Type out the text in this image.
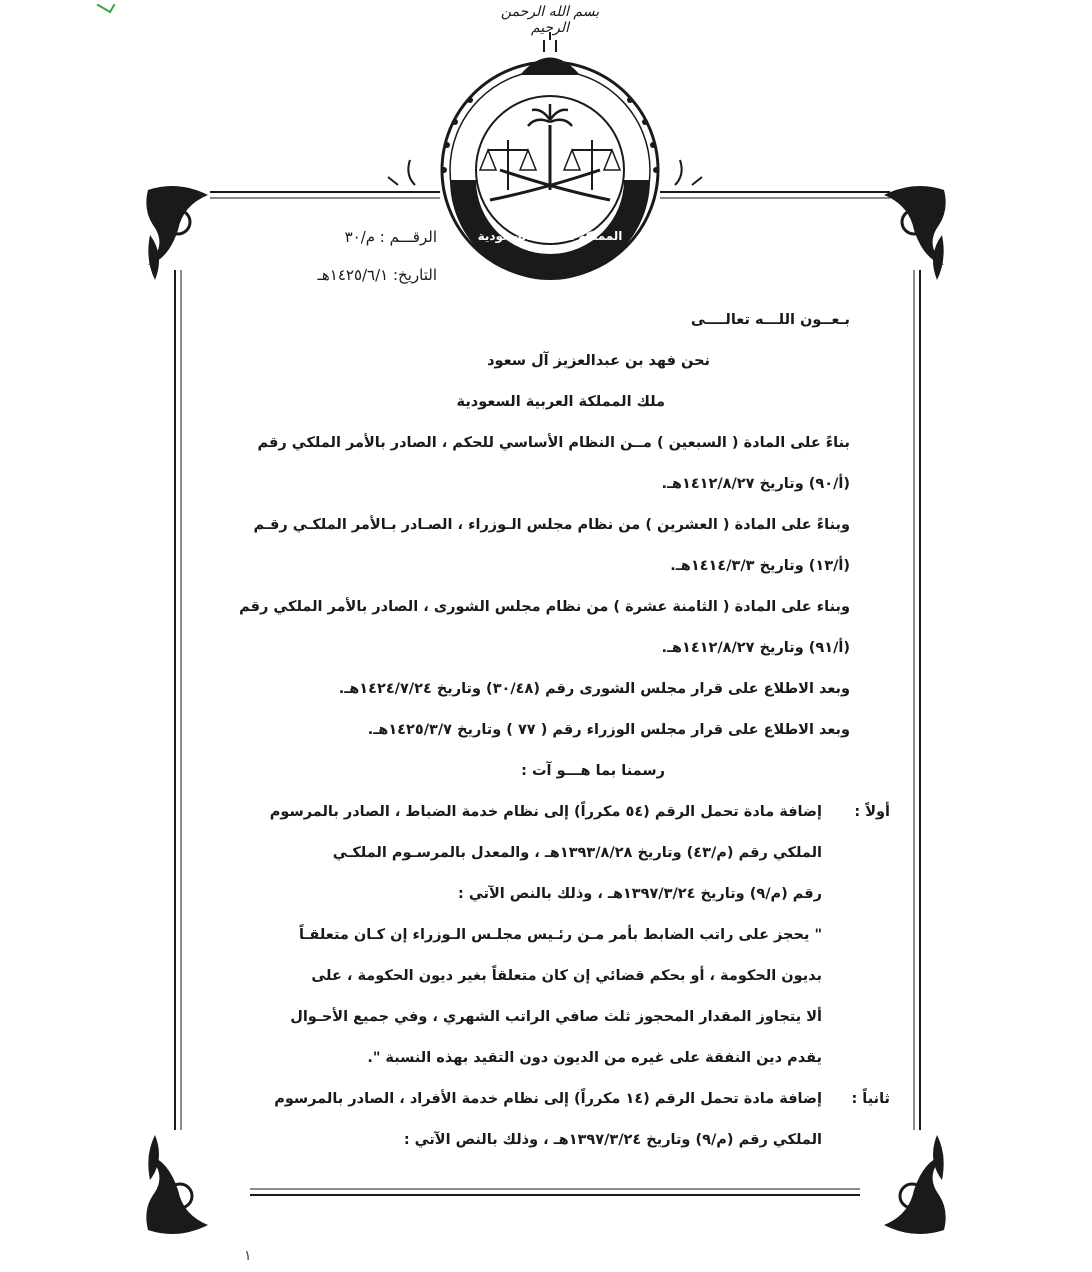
المملكة العربية السعودية
بسم الله الرحمن الرحيم
الرقـــم : م/٣٠
التاريخ: ١٤٢٥/٦/١هـ
بـعــون اللـــه تعالــــى
نحن فهد بن عبدالعزيز آل سعود
ملك المملكة العربية السعودية
بناءً على المادة ( السبعين ) مــن النظام الأساسي للحكم ، الصادر بالأمر الملكي رقم
(أ/٩٠) وتاريخ ١٤١٢/٨/٢٧هـ.
وبناءً على المادة ( العشرين ) من نظام مجلس الـوزراء ، الصـادر بـالأمر الملكـي رقـم
(أ/١٣) وتاريخ ١٤١٤/٣/٣هـ.
وبناء على المادة ( الثامنة عشرة ) من نظام مجلس الشورى ، الصادر بالأمر الملكي رقم
(أ/٩١) وتاريخ ١٤١٢/٨/٢٧هـ.
وبعد الاطلاع على قرار مجلس الشورى رقم (٣٠/٤٨) وتاريخ ١٤٢٤/٧/٢٤هـ.
وبعد الاطلاع على قرار مجلس الوزراء رقم ( ٧٧ ) وتاريخ ١٤٢٥/٣/٧هـ.
رسمنا بما هـــو آت :
أولاً :
إضافة مادة تحمل الرقم (٥٤ مكرراً) إلى نظام خدمة الضباط ، الصادر بالمرسوم
الملكي رقم (م/٤٣) وتاريخ ١٣٩٣/٨/٢٨هـ ، والمعدل بالمرسـوم الملكـي
رقم (م/٩) وتاريخ ١٣٩٧/٣/٢٤هـ ، وذلك بالنص الآتي :
" يحجز على راتب الضابط بأمر مـن رئـيس مجلـس الـوزراء إن كـان متعلقـاً
بديون الحكومة ، أو بحكم قضائي إن كان متعلقاً بغير ديون الحكومة ، على
ألا يتجاوز المقدار المحجوز ثلث صافي الراتب الشهري ، وفي جميع الأحـوال
يقدم دين النفقة على غيره من الديون دون التقيد بهذه النسبة ".
ثانياً :
إضافة مادة تحمل الرقم (١٤ مكرراً) إلى نظام خدمة الأفراد ، الصادر بالمرسوم
الملكي رقم (م/٩) وتاريخ ١٣٩٧/٣/٢٤هـ ، وذلك بالنص الآتي :
١
